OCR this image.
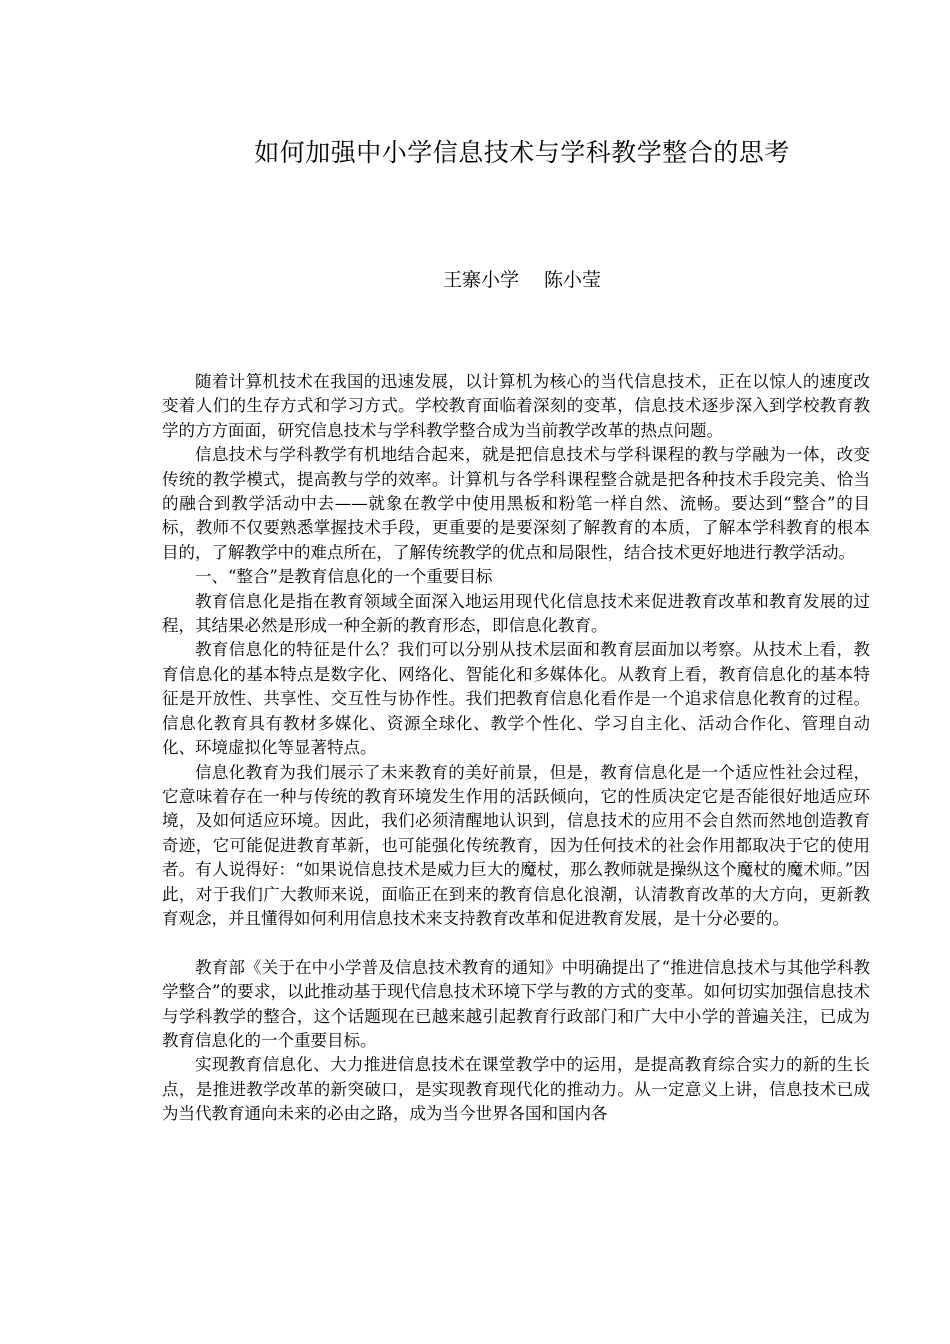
如何加强中小学信息技术与学科教学整合的思考
王寨小学　 陈小莹

随着计算机技术在我国的迅速发展，以计算机为核心的当代信息技术，正在以惊人的速度改变着人们的生存方式和学习方式。学校教育面临着深刻的变革，信息技术逐步深入到学校教育教学的方方面面，研究信息技术与学科教学整合成为当前教学改革的热点问题。

信息技术与学科教学有机地结合起来，就是把信息技术与学科课程的教与学融为一体，改变传统的教学模式，提高教与学的效率。计算机与各学科课程整合就是把各种技术手段完美、恰当的融合到教学活动中去——就象在教学中使用黑板和粉笔一样自然、流畅。要达到“整合”的目标，教师不仅要熟悉掌握技术手段，更重要的是要深刻了解教育的本质，了解本学科教育的根本目的，了解教学中的难点所在，了解传统教学的优点和局限性，结合技术更好地进行教学活动。

一、“整合”是教育信息化的一个重要目标

教育信息化是指在教育领域全面深入地运用现代化信息技术来促进教育改革和教育发展的过程，其结果必然是形成一种全新的教育形态，即信息化教育。

教育信息化的特征是什么？我们可以分别从技术层面和教育层面加以考察。从技术上看，教育信息化的基本特点是数字化、网络化、智能化和多媒体化。从教育上看，教育信息化的基本特征是开放性、共享性、交互性与协作性。我们把教育信息化看作是一个追求信息化教育的过程。信息化教育具有教材多媒化、资源全球化、教学个性化、学习自主化、活动合作化、管理自动化、环境虚拟化等显著特点。

信息化教育为我们展示了未来教育的美好前景，但是，教育信息化是一个适应性社会过程，它意味着存在一种与传统的教育环境发生作用的活跃倾向，它的性质决定它是否能很好地适应环境，及如何适应环境。因此，我们必须清醒地认识到，信息技术的应用不会自然而然地创造教育奇迹，它可能促进教育革新，也可能强化传统教育，因为任何技术的社会作用都取决于它的使用者。有人说得好：“如果说信息技术是威力巨大的魔杖，那么教师就是操纵这个魔杖的魔术师。”因此，对于我们广大教师来说，面临正在到来的教育信息化浪潮，认清教育改革的大方向，更新教育观念，并且懂得如何利用信息技术来支持教育改革和促进教育发展，是十分必要的。

教育部《关于在中小学普及信息技术教育的通知》中明确提出了“推进信息技术与其他学科教学整合”的要求，以此推动基于现代信息技术环境下学与教的方式的变革。如何切实加强信息技术与学科教学的整合，这个话题现在已越来越引起教育行政部门和广大中小学的普遍关注，已成为教育信息化的一个重要目标。

实现教育信息化、大力推进信息技术在课堂教学中的运用，是提高教育综合实力的新的生长点，是推进教学改革的新突破口，是实现教育现代化的推动力。从一定意义上讲，信息技术已成为当代教育通向未来的必由之路，成为当今世界各国和国内各
